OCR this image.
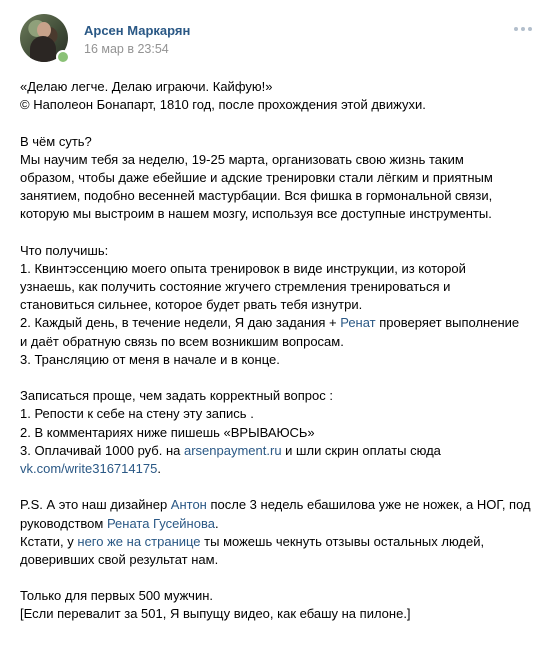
Арсен Маркарян
16 мар в 23:54
«Делаю легче. Делаю играючи. Кайфую!»
© Наполеон Бонапарт, 1810 год, после прохождения этой движухи.
В чём суть?
Мы научим тебя за неделю, 19-25 марта, организовать свою жизнь таким
образом, чтобы даже ебейшие и адские тренировки стали лёгким и приятным
занятием, подобно весенней мастурбации. Вся фишка в гормональной связи,
которую мы выстроим в нашем мозгу, используя все доступные инструменты.
Что получишь:
1. Квинтэссенцию моего опыта тренировок в виде инструкции, из которой
узнаешь, как получить состояние жгучего стремления тренироваться и
становиться сильнее, которое будет рвать тебя изнутри.
2. Каждый день, в течение недели, Я даю задания + Ренат проверяет выполнение
и даёт обратную связь по всем возникшим вопросам.
3. Трансляцию от меня в начале и в конце.
Записаться проще, чем задать корректный вопрос :
1. Репости к себе на стену эту запись .
2. В комментариях ниже пишешь «ВРЫВАЮСЬ»
3. Оплачивай 1000 руб. на arsenpayment.ru и шли скрин оплаты сюда
vk.com/write316714175.
P.S. А это наш дизайнер Антон после 3 недель ебашилова уже не ножек, а НОГ, под
руководством Рената Гусейнова.
Кстати, у него же на странице ты можешь чекнуть отзывы остальных людей,
доверивших свой результат нам.
Только для первых 500 мужчин.
[Если перевалит за 501, Я выпущу видео, как ебашу на пилоне.]
